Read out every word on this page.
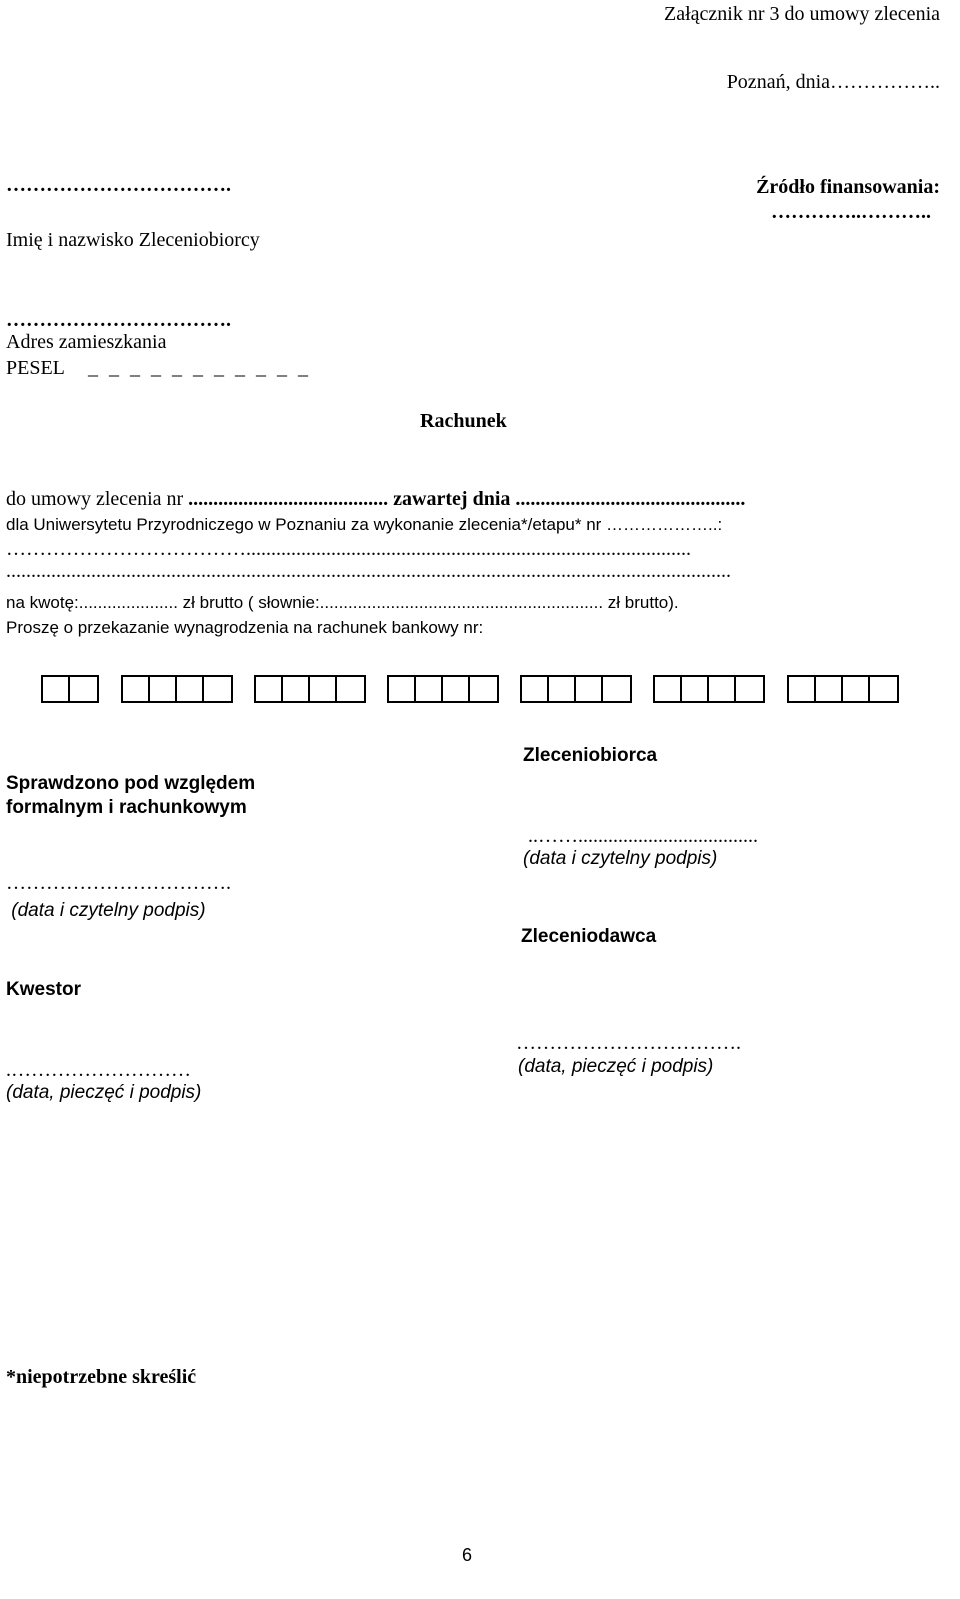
Załącznik nr 3 do umowy zlecenia
Poznań, dnia……………..
…………………………….
Imię i nazwisko Zleceniobiorcy
Źródło finansowania:
…………..………..
…………………………….
Adres zamieszkania
PESEL _ _ _ _ _ _ _ _ _ _ _
Rachunek
do umowy zlecenia nr ........................................ zawartej dnia ..............................................
dla Uniwersytetu Przyrodniczego w Poznaniu za wykonanie zlecenia*/etapu* nr ………………..:
……………………………….........................................................................................
.................................................................................................................................................
na kwotę:..................... zł brutto ( słownie:............................................................ zł brutto).
Proszę o przekazanie wynagrodzenia na rachunek bankowy nr:
Sprawdzono pod względem
formalnym i rachunkowym
…………………………….
(data i czytelny podpis)
Kwestor
.………………………
(data, pieczęć i podpis)
Zleceniobiorca
..……....................................
(data i czytelny podpis)
Zleceniodawca
…………………………….
(data, pieczęć i podpis)
*niepotrzebne skreślić
6
